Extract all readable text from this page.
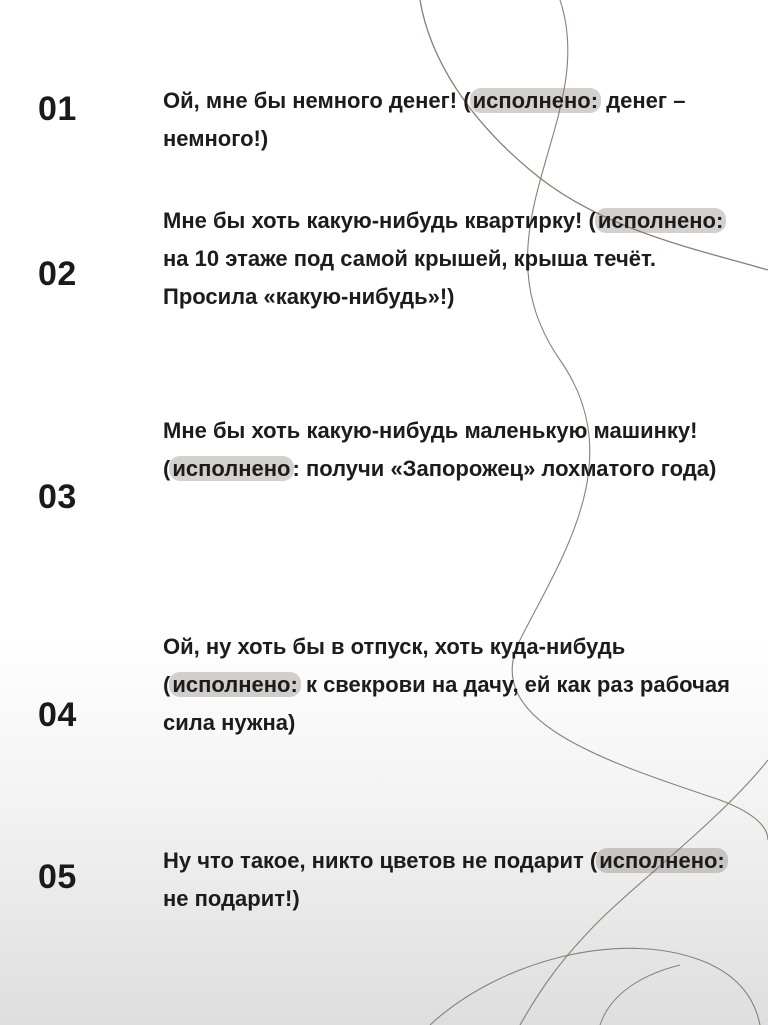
01	Ой, мне бы немного денег! (исполнено: денег – немного!)
02
Мне бы хоть какую-нибудь квартирку! (исполнено: на 10 этаже под самой крышей, крыша течёт. Просила «какую-нибудь»!)
03
Мне бы хоть какую-нибудь маленькую машинку! (исполнено: получи «Запорожец» лохматого года)
04
Ой, ну хоть бы в отпуск, хоть куда-нибудь (исполнено: к свекрови на дачу, ей как раз рабочая сила нужна)
05	Ну что такое, никто цветов не подарит (исполнено: не подарит!)
